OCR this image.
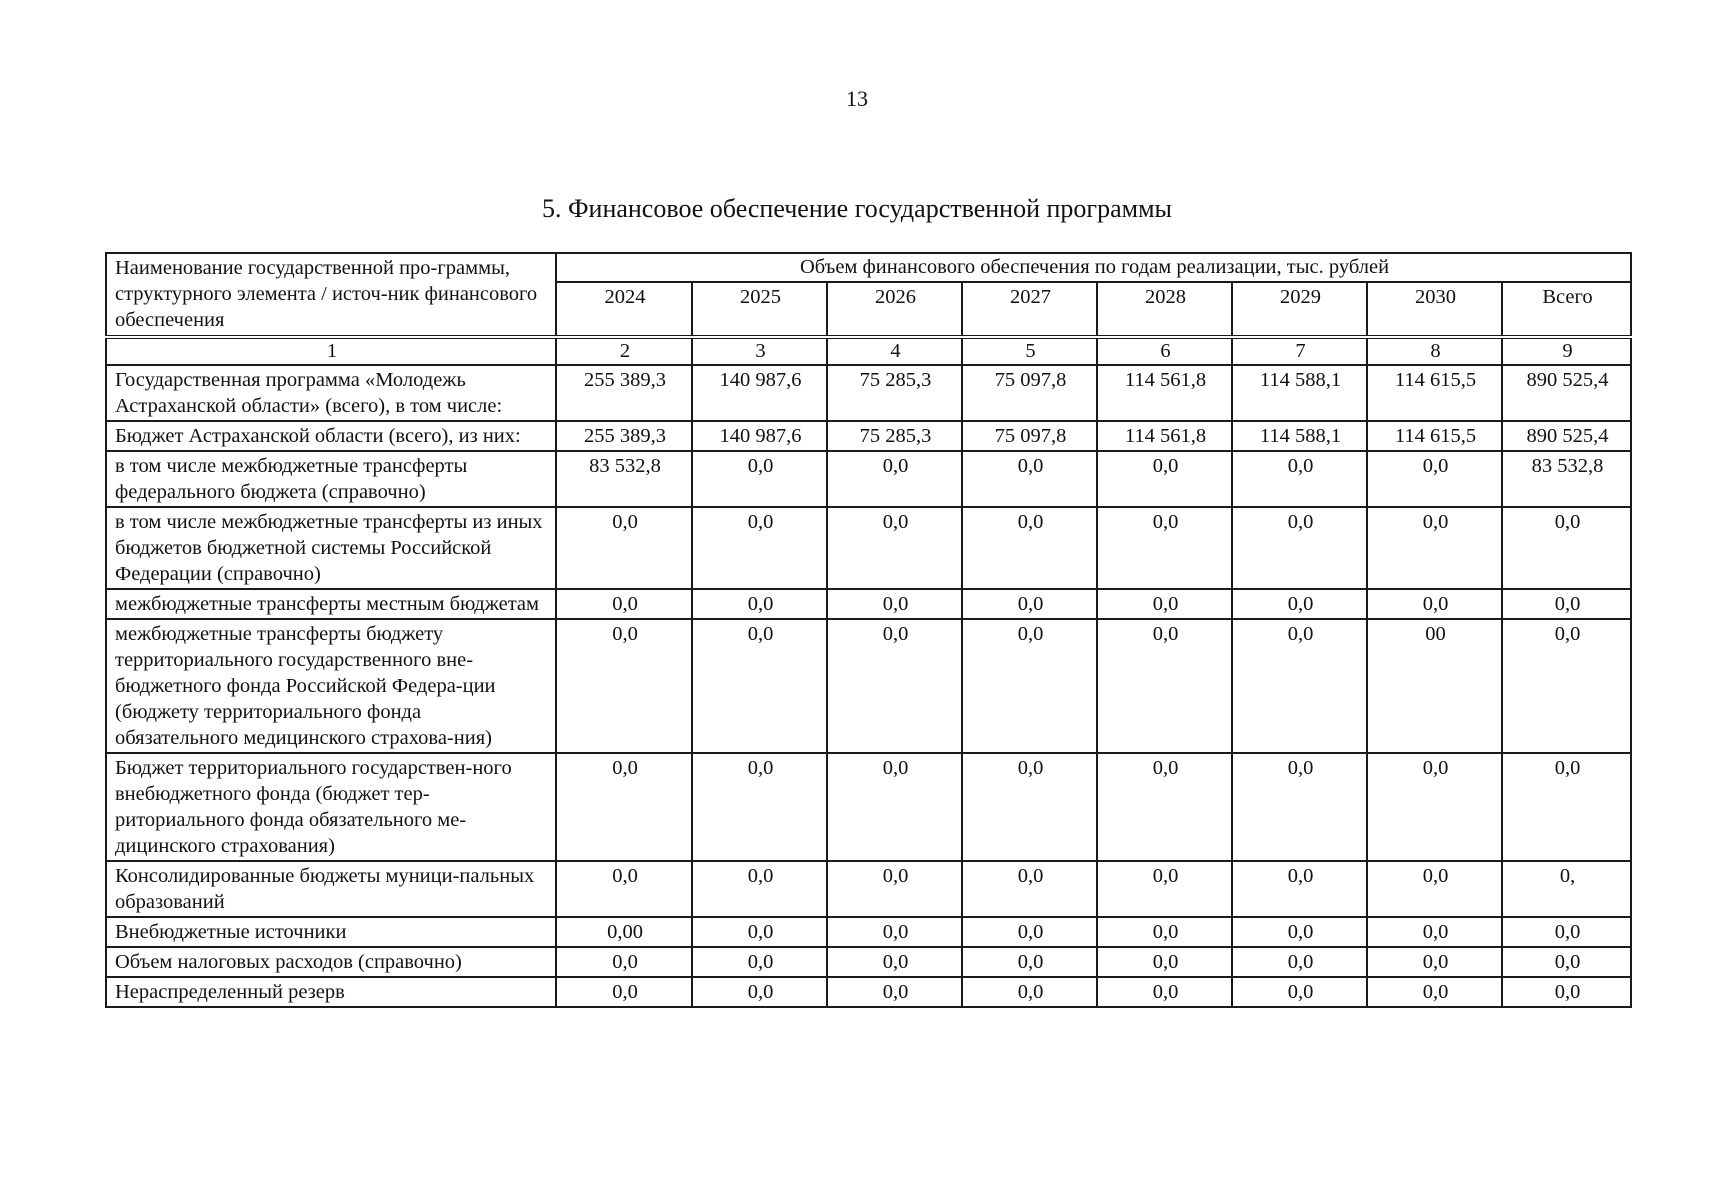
13
5. Финансовое обеспечение государственной программы
Наименование государственной про-граммы, структурного элемента / источ-ник финансового обеспечения	Объем финансового обеспечения по годам реализации, тыс. рублей							
	2024	2025	2026	2027	2028	2029	2030	Всего
1	2	3	4	5	6	7	8	9
Государственная программа «Молодежь Астраханской области» (всего), в том числе:	255 389,3	140 987,6	75 285,3	75 097,8	114 561,8	114 588,1	114 615,5	890 525,4
Бюджет Астраханской области (всего), из них:	255 389,3	140 987,6	75 285,3	75 097,8	114 561,8	114 588,1	114 615,5	890 525,4
в том числе межбюджетные трансферты федерального бюджета (справочно)	83 532,8	0,0	0,0	0,0	0,0	0,0	0,0	83 532,8
в том числе межбюджетные трансферты из иных бюджетов бюджетной системы Российской Федерации (справочно)	0,0	0,0	0,0	0,0	0,0	0,0	0,0	0,0
межбюджетные трансферты местным бюджетам	0,0	0,0	0,0	0,0	0,0	0,0	0,0	0,0
межбюджетные трансферты бюджету территориального государственного вне-бюджетного фонда Российской Федера-ции (бюджету территориального фонда обязательного медицинского страхова-ния)	0,0	0,0	0,0	0,0	0,0	0,0	00	0,0
Бюджет территориального государствен-ного внебюджетного фонда (бюджет тер-риториального фонда обязательного ме-дицинского страхования)	0,0	0,0	0,0	0,0	0,0	0,0	0,0	0,0
Консолидированные бюджеты муници-пальных образований	0,0	0,0	0,0	0,0	0,0	0,0	0,0	0,
Внебюджетные источники	0,00	0,0	0,0	0,0	0,0	0,0	0,0	0,0
Объем налоговых расходов (справочно)	0,0	0,0	0,0	0,0	0,0	0,0	0,0	0,0
Нераспределенный резерв	0,0	0,0	0,0	0,0	0,0	0,0	0,0	0,0
